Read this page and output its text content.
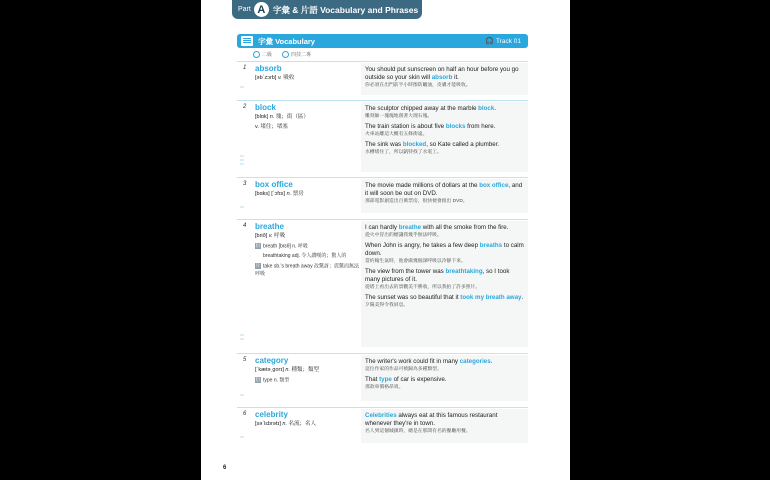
Part A 字彙 & 片語 Vocabulary and Phrases
字彙 Vocabulary	🎧 Track 01
二級	四技二專
1
○○
absorb
[əbˋzɔrb] v. 吸收
You should put sunscreen on half an hour before you go outside so your skin will absorb it.
你必須在出門前半小時擦防曬油，皮膚才能吸收。
2
○○
○○
○○
block
[blɑk] n. 塊；街（區）
v. 堵住；堵塞
The sculptor chipped away at the marble block.
雕刻師一塊塊地削著大理石塊。
The train station is about five blocks from here.
火車站離這大概有五條街遠。
The sink was blocked, so Kate called a plumber.
水槽堵住了，所以凱特找了水電工。
3
○○
box office
[bɑks] [ˋɔfɪs] n. 票房
The movie made millions of dollars at the box office, and it will soon be out on DVD.
那部電影創造出百萬票房，很快便會推出 DVD。
4
○○
○○
breathe
[brið] v. 呼吸
衍 breath [brɛθ] n. 呼吸
breathtaking adj. 令人讚嘆的；驚人的
片 take sb.'s breath away 改驚訝；震驚而無法呼吸
I can hardly breathe with all the smoke from the fire.
從火中冒出的煙讓我幾乎無法呼吸。
When John is angry, he takes a few deep breaths to calm down.
當約翰生氣時，他會做幾個深呼吸以冷靜下來。
The view from the tower was breathtaking, so I took many pictures of it.
從塔上看出去的景觀美不勝收，所以我拍了許多照片。
The sunset was so beautiful that it took my breath away.
夕陽美得令我屏息。
5
○○
category
[ˋkætə͵gorɪ] n. 種類；類型
衍 type n. 類型
The writer's work could fit in many categories.
這位作家的作品可被歸為多種類型。
That type of car is expensive.
那款車價格昂貴。
6
○○
celebrity
[səˋlɛbrətɪ] n. 名流；名人
Celebrities always eat at this famous restaurant whenever they're in town.
名人到這個城鎮時，總是在那間有名的餐廳用餐。
6
